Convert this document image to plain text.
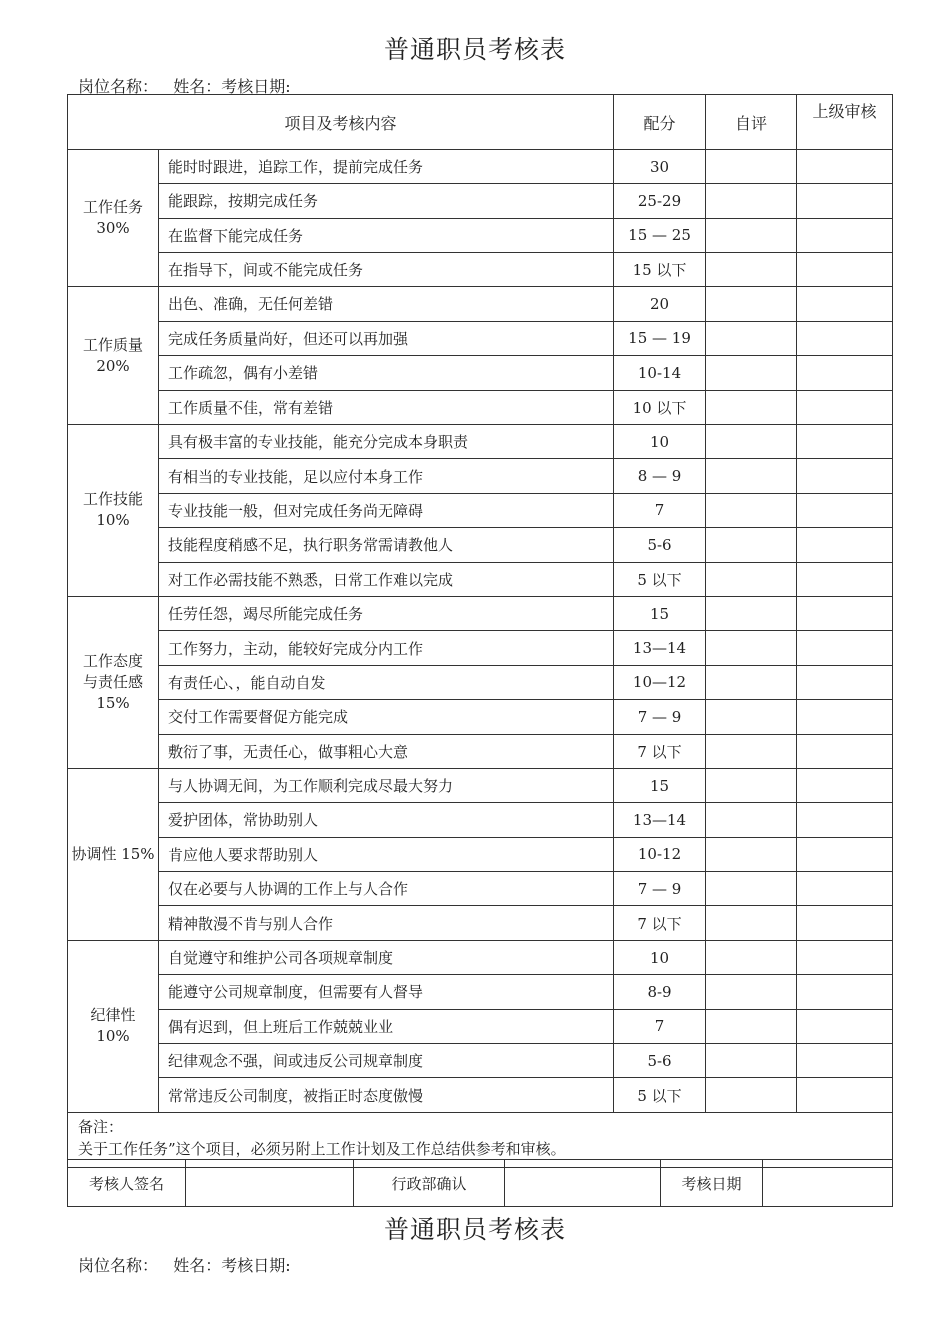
普通职员考核表
岗位名称：   姓名：考核日期:
项目及考核内容		配分	自评	上级审核

工作任务
30%	能时时跟进，追踪工作，提前完成任务	30		
	能跟踪，按期完成任务	25-29		
	在监督下能完成任务	15 — 25		
	在指导下，间或不能完成任务	15 以下		

工作质量
20%	出色、准确，无任何差错	20		
	完成任务质量尚好，但还可以再加强	15 — 19		
	工作疏忽，偶有小差错	10-14		
	工作质量不佳，常有差错	10 以下		

工作技能
10%	具有极丰富的专业技能，能充分完成本身职责	10		
	有相当的专业技能，足以应付本身工作	8 — 9		
	专业技能一般，但对完成任务尚无障碍	7		
	技能程度稍感不足，执行职务常需请教他人	5-6		
	对工作必需技能不熟悉，日常工作难以完成	5 以下		

工作态度
与责任感
15%	任劳任怨，竭尽所能完成任务	15		
	工作努力，主动，能较好完成分内工作	13—14		
	有责任心、，能自动自发	10—12		
	交付工作需要督促方能完成	7 — 9		
	敷衍了事，无责任心，做事粗心大意	7 以下		

协调性 15%	与人协调无间，为工作顺利完成尽最大努力	15		
	爱护团体，常协助别人	13—14		
	肯应他人要求帮助别人	10-12		
	仅在必要与人协调的工作上与人合作	7 — 9		
	精神散漫不肯与别人合作	7 以下		

纪律性
10%	自觉遵守和维护公司各项规章制度	10		
	能遵守公司规章制度，但需要有人督导	8-9		
	偶有迟到，但上班后工作兢兢业业	7		
	纪律观念不强，间或违反公司规章制度	5-6		
	常常违反公司制度，被指正时态度傲慢	5 以下		

备注：
关于工作任务”这个项目，必须另附上工作计划及工作总结供参考和审核。				
考核人签名		行政部确认		考核日期	
普通职员考核表
岗位名称：   姓名：考核日期:
